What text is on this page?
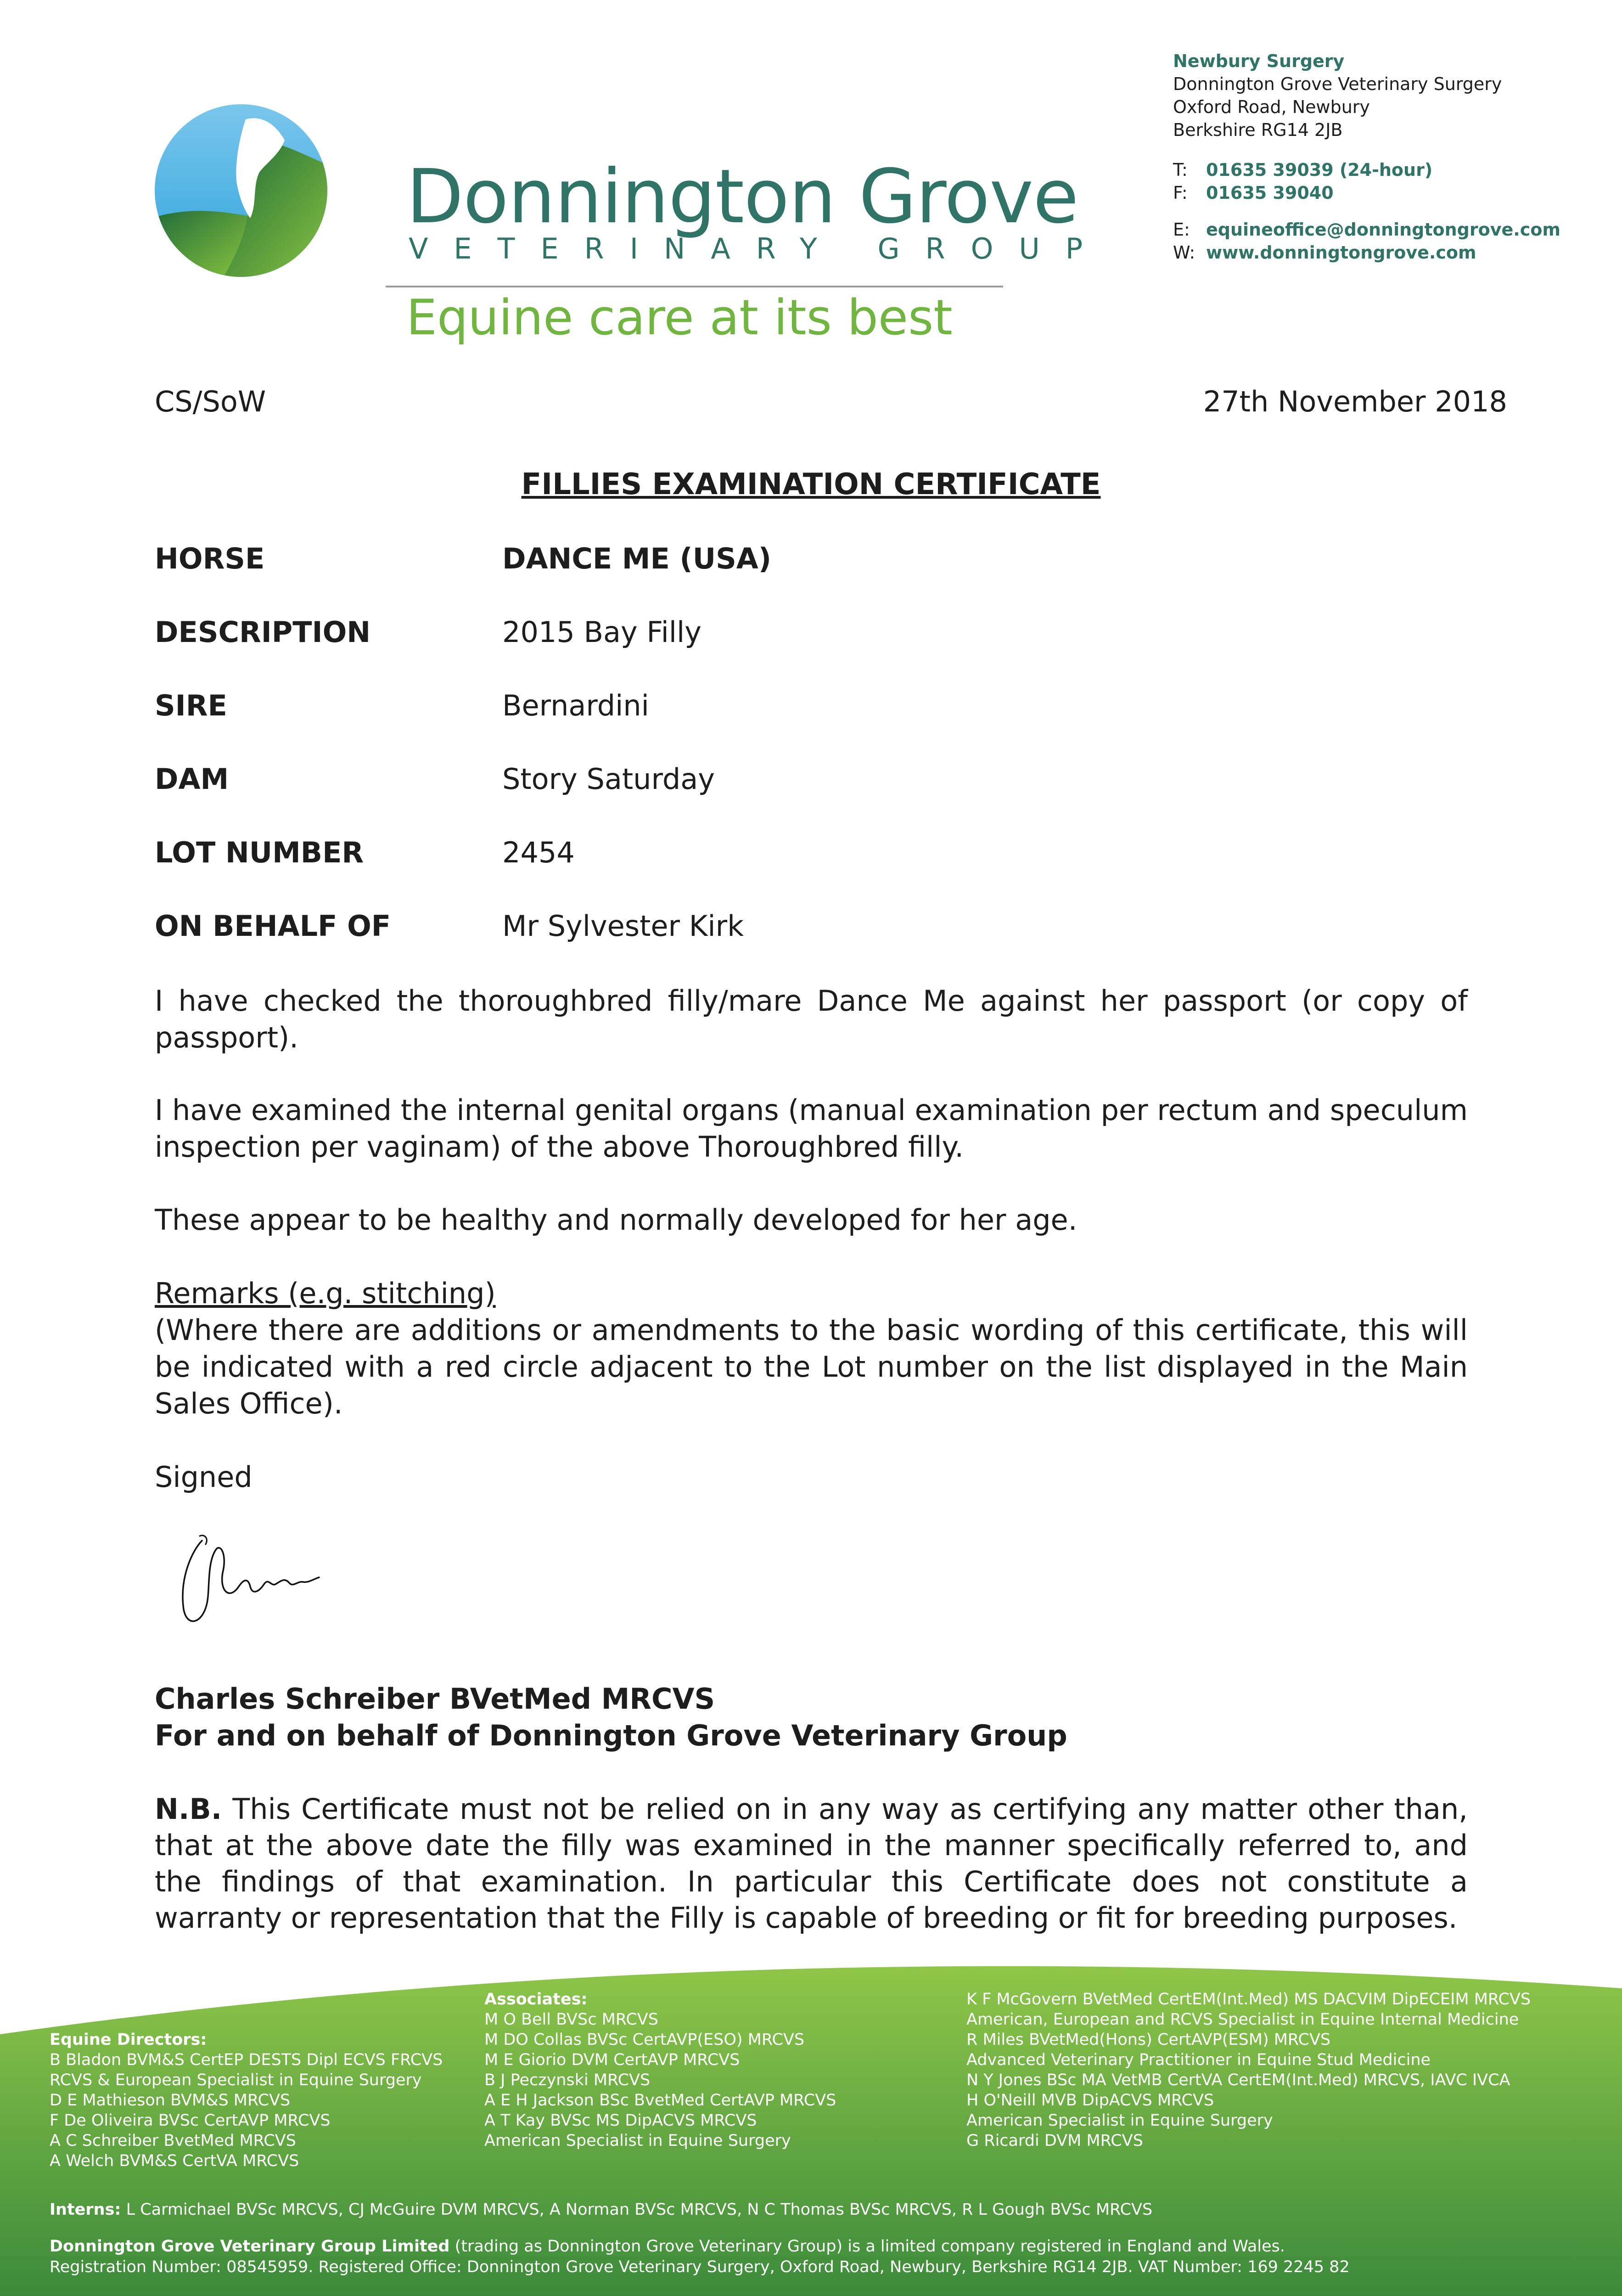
Donnington Grove
VETERINARY GROUP
Equine care at its best
Newbury Surgery
Donnington Grove Veterinary Surgery
Oxford Road, Newbury
Berkshire RG14 2JB
T: 01635 39039 (24-hour)
F: 01635 39040
E: equineoffice@donningtongrove.com
W: www.donningtongrove.com
CS/SoW	27th November 2018
FILLIES EXAMINATION CERTIFICATE
HORSE	DANCE ME (USA)
DESCRIPTION	2015 Bay Filly
SIRE	Bernardini
DAM	Story Saturday
LOT NUMBER	2454
ON BEHALF OF	Mr Sylvester Kirk
I have checked the thoroughbred filly/mare Dance Me against her passport (or copy of passport).
I have examined the internal genital organs (manual examination per rectum and speculum inspection per vaginam) of the above Thoroughbred filly.
These appear to be healthy and normally developed for her age.
Remarks (e.g. stitching)
(Where there are additions or amendments to the basic wording of this certificate, this will be indicated with a red circle adjacent to the Lot number on the list displayed in the Main Sales Office).
Signed
Charles Schreiber BVetMed MRCVS
For and on behalf of Donnington Grove Veterinary Group
N.B. This Certificate must not be relied on in any way as certifying any matter other than, that at the above date the filly was examined in the manner specifically referred to, and the findings of that examination. In particular this Certificate does not constitute a warranty or representation that the Filly is capable of breeding or fit for breeding purposes.
Equine Directors:
B Bladon BVM&S CertEP DESTS Dipl ECVS FRCVS
RCVS & European Specialist in Equine Surgery
D E Mathieson BVM&S MRCVS
F De Oliveira BVSc CertAVP MRCVS
A C Schreiber BvetMed MRCVS
A Welch BVM&S CertVA MRCVS
Associates:
M O Bell BVSc MRCVS
M DO Collas BVSc CertAVP(ESO) MRCVS
M E Giorio DVM CertAVP MRCVS
B J Peczynski MRCVS
A E H Jackson BSc BvetMed CertAVP MRCVS
A T Kay BVSc MS DipACVS MRCVS
American Specialist in Equine Surgery
K F McGovern BVetMed CertEM(Int.Med) MS DACVIM DipECEIM MRCVS
American, European and RCVS Specialist in Equine Internal Medicine
R Miles BVetMed(Hons) CertAVP(ESM) MRCVS
Advanced Veterinary Practitioner in Equine Stud Medicine
N Y Jones BSc MA VetMB CertVA CertEM(Int.Med) MRCVS, IAVC IVCA
H O'Neill MVB DipACVS MRCVS
American Specialist in Equine Surgery
G Ricardi DVM MRCVS
Interns: L Carmichael BVSc MRCVS, CJ McGuire DVM MRCVS, A Norman BVSc MRCVS, N C Thomas BVSc MRCVS, R L Gough BVSc MRCVS
Donnington Grove Veterinary Group Limited (trading as Donnington Grove Veterinary Group) is a limited company registered in England and Wales.
Registration Number: 08545959. Registered Office: Donnington Grove Veterinary Surgery, Oxford Road, Newbury, Berkshire RG14 2JB. VAT Number: 169 2245 82
